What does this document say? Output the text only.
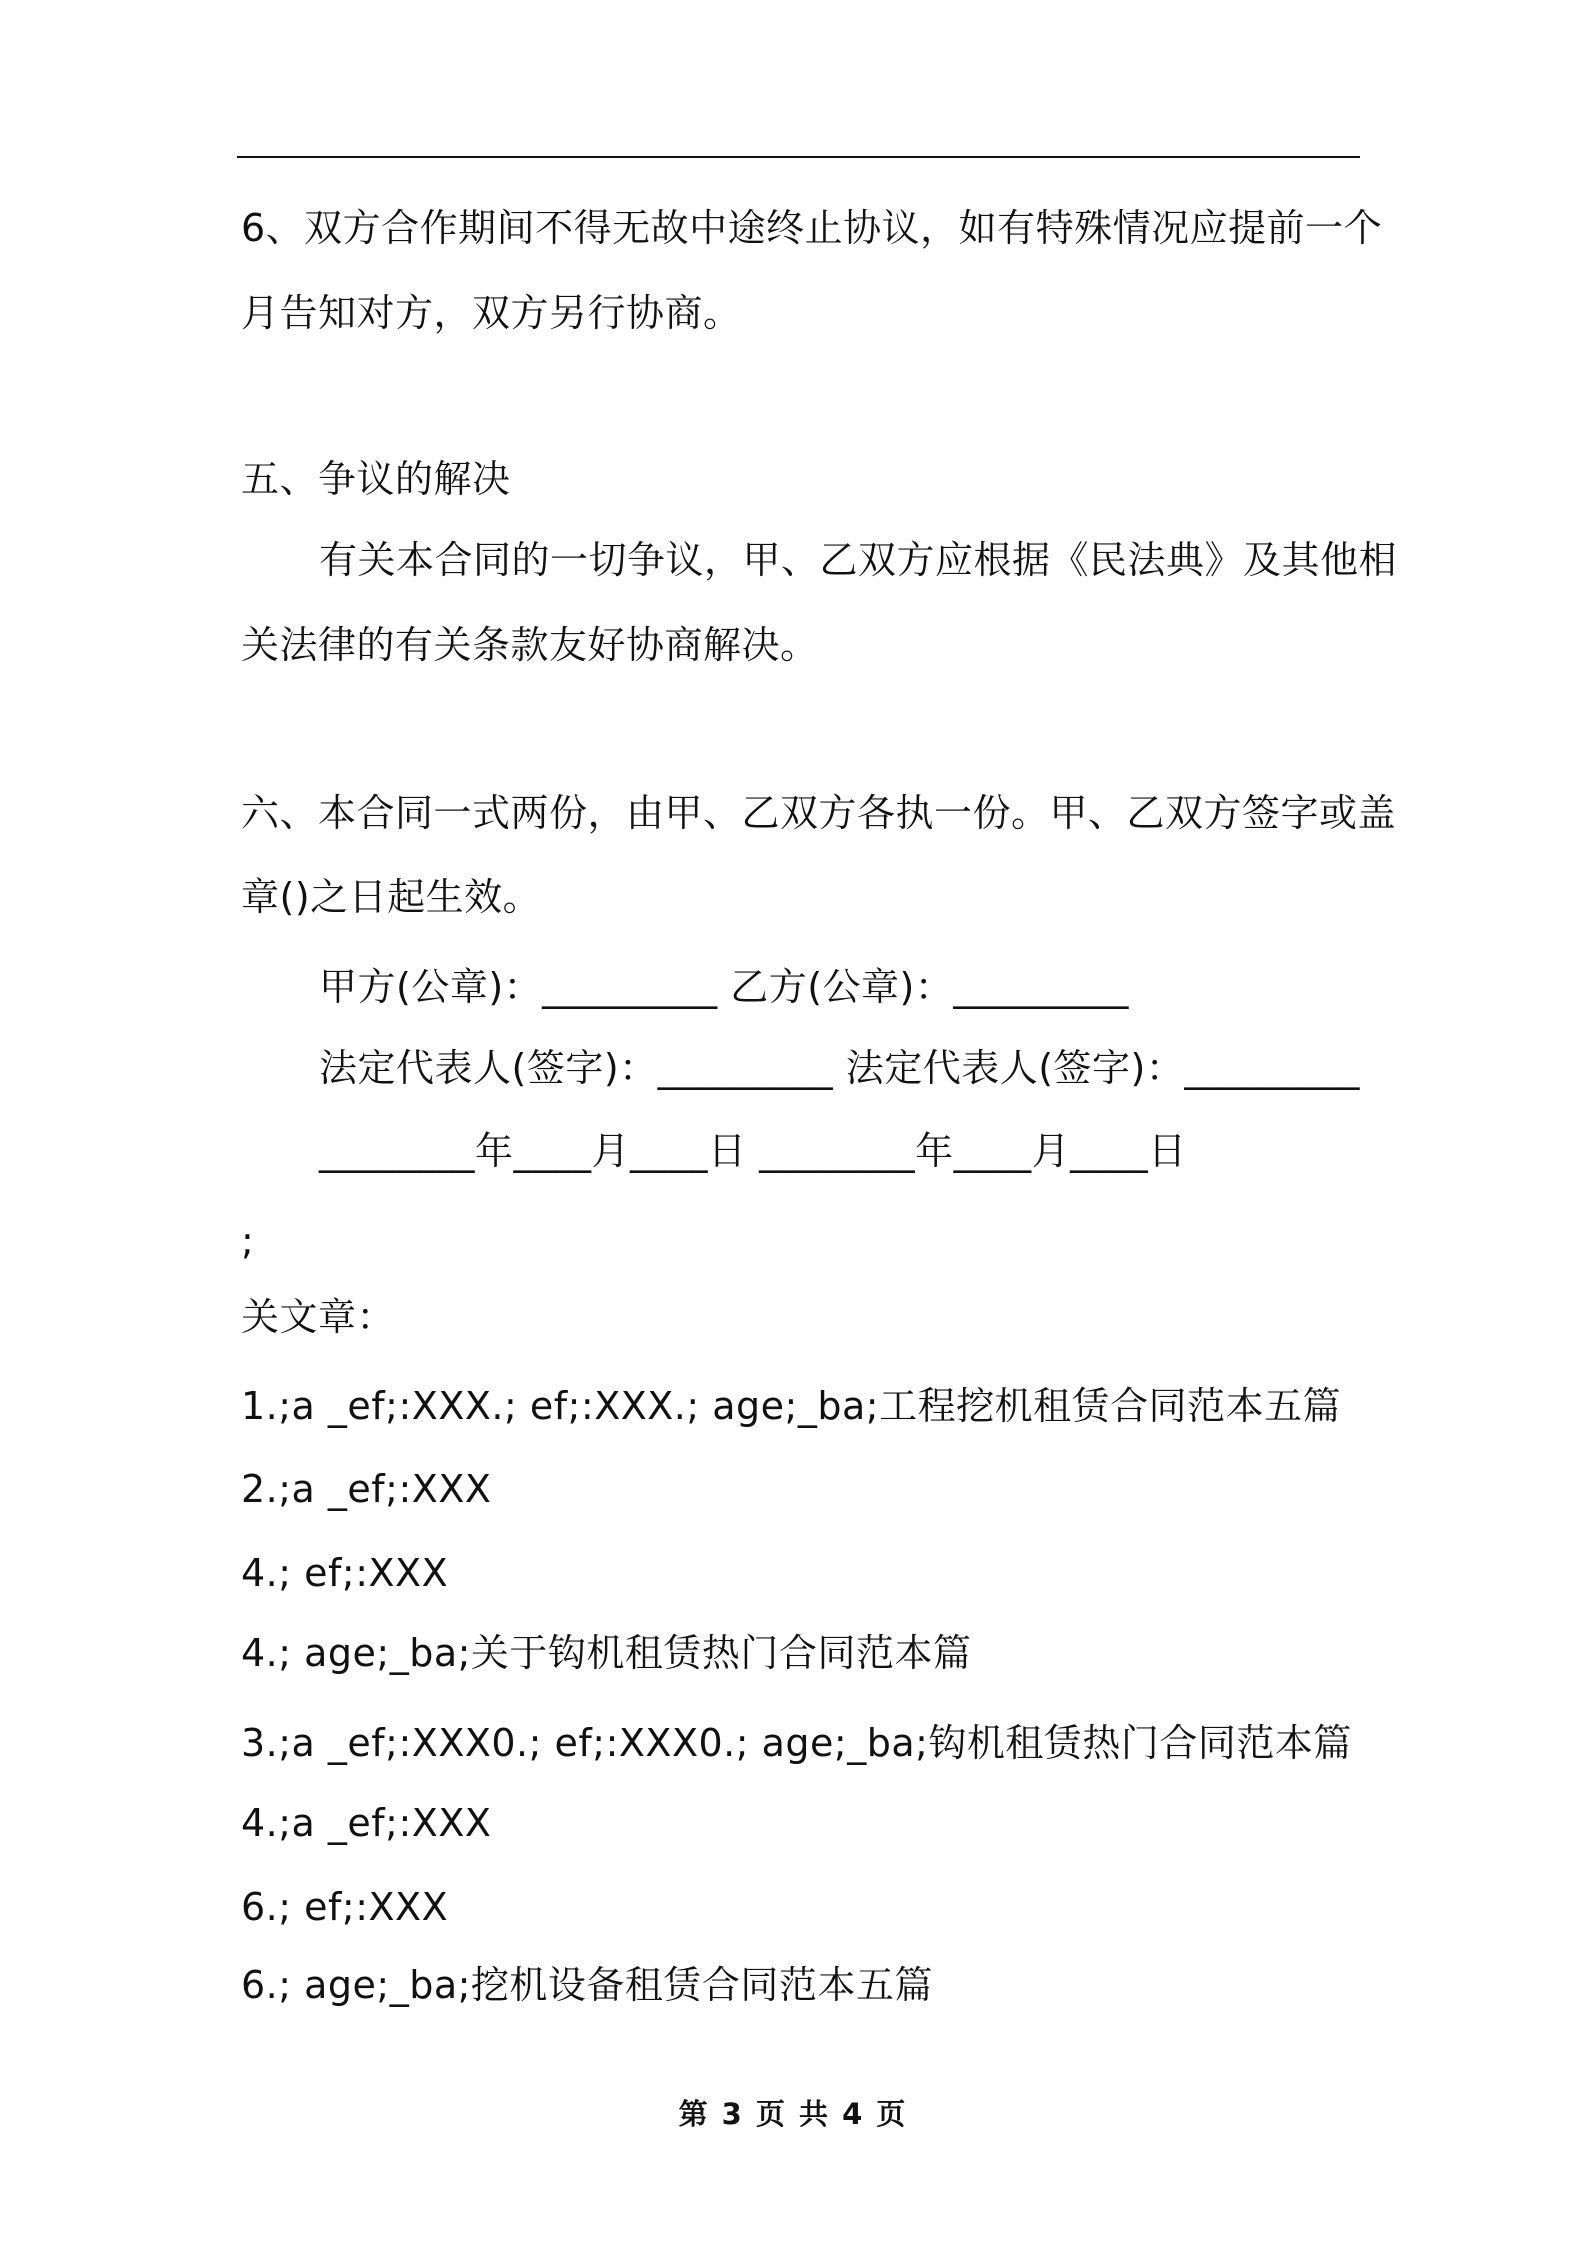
6、双方合作期间不得无故中途终止协议，如有特殊情况应提前一个
月告知对方，双方另行协商。
五、争议的解决
有关本合同的一切争议，甲、乙双方应根据《民法典》及其他相
关法律的有关条款友好协商解决。
六、本合同一式两份，由甲、乙双方各执一份。甲、乙双方签字或盖
章()之日起生效。
甲方(公章)：_________ 乙方(公章)：_________
法定代表人(签字)：_________ 法定代表人(签字)：_________
________年____月____日 ________年____月____日
;
关文章：
1.;a _ef;:XXX.; ef;:XXX.; age;_ba;工程挖机租赁合同范本五篇
2.;a _ef;:XXX
4.; ef;:XXX
4.; age;_ba;关于钩机租赁热门合同范本篇
3.;a _ef;:XXX0.; ef;:XXX0.; age;_ba;钩机租赁热门合同范本篇
4.;a _ef;:XXX
6.; ef;:XXX
6.; age;_ba;挖机设备租赁合同范本五篇
第 3 页 共 4 页
